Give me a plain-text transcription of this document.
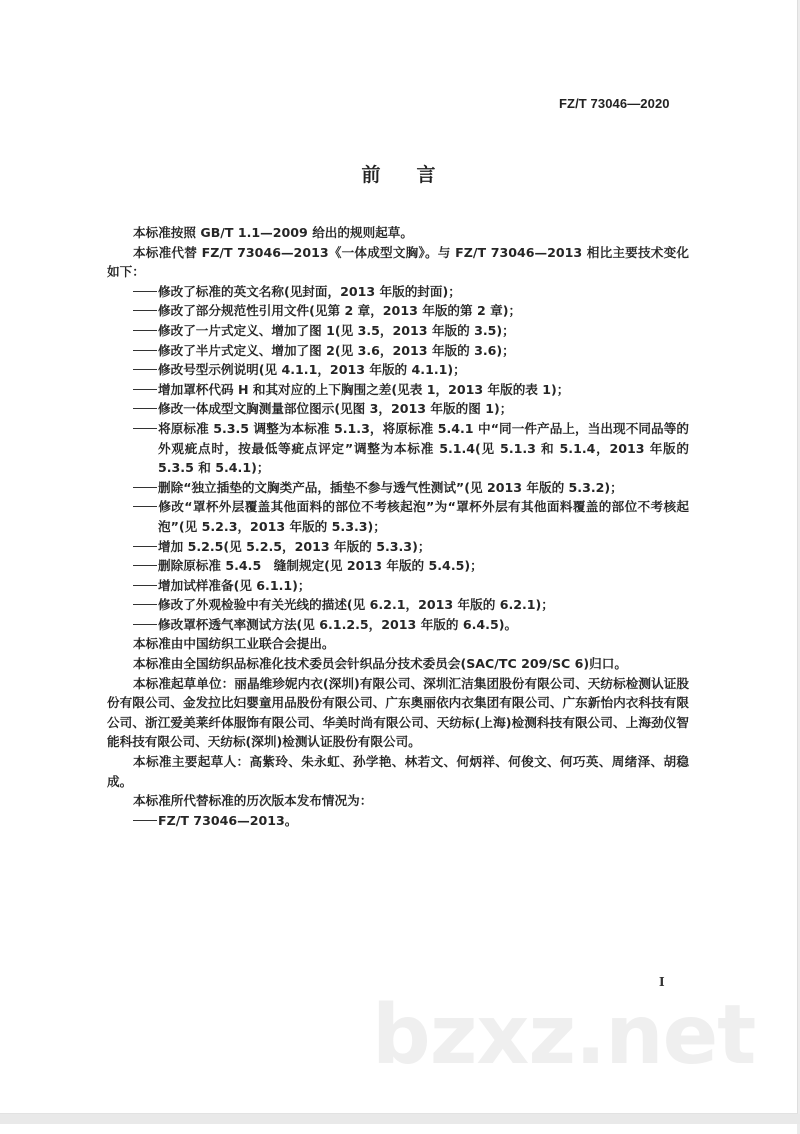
FZ/T 73046—2020
前 言

本标准按照 GB/T 1.1—2009 给出的规则起草。

本标准代替 FZ/T 73046—2013《一体成型文胸》。与 FZ/T 73046—2013 相比主要技术变化如下：

修改了标准的英文名称(见封面，2013 年版的封面)；

修改了部分规范性引用文件(见第 2 章，2013 年版的第 2 章)；

修改了一片式定义、增加了图 1(见 3.5，2013 年版的 3.5)；

修改了半片式定义、增加了图 2(见 3.6，2013 年版的 3.6)；

修改号型示例说明(见 4.1.1，2013 年版的 4.1.1)；

增加罩杯代码 H 和其对应的上下胸围之差(见表 1，2013 年版的表 1)；

修改一体成型文胸测量部位图示(见图 3，2013 年版的图 1)；

将原标准 5.3.5 调整为本标准 5.1.3，将原标准 5.4.1 中“同一件产品上，当出现不同品等的外观疵点时，按最低等疵点评定”调整为本标准 5.1.4(见 5.1.3 和 5.1.4，2013 年版的 5.3.5 和 5.4.1)；

删除“独立插垫的文胸类产品，插垫不参与透气性测试”(见 2013 年版的 5.3.2)；

修改“罩杯外层覆盖其他面料的部位不考核起泡”为“罩杯外层有其他面料覆盖的部位不考核起泡”(见 5.2.3，2013 年版的 5.3.3)；

增加 5.2.5(见 5.2.5，2013 年版的 5.3.3)；

删除原标准 5.4.5　缝制规定(见 2013 年版的 5.4.5)；

增加试样准备(见 6.1.1)；

修改了外观检验中有关光线的描述(见 6.2.1，2013 年版的 6.2.1)；

修改罩杯透气率测试方法(见 6.1.2.5，2013 年版的 6.4.5)。

本标准由中国纺织工业联合会提出。

本标准由全国纺织品标准化技术委员会针织品分技术委员会(SAC/TC 209/SC 6)归口。

本标准起草单位：丽晶维珍妮内衣(深圳)有限公司、深圳汇洁集团股份有限公司、天纺标检测认证股份有限公司、金发拉比妇婴童用品股份有限公司、广东奥丽依内衣集团有限公司、广东新怡内衣科技有限公司、浙江爱美莱纤体服饰有限公司、华美时尚有限公司、天纺标(上海)检测科技有限公司、上海劲仪智能科技有限公司、天纺标(深圳)检测认证股份有限公司。

本标准主要起草人：高紫玲、朱永虹、孙学艳、林若文、何炳祥、何俊文、何巧英、周绪泽、胡稳成。

本标准所代替标准的历次版本发布情况为：

FZ/T 73046—2013。

I
bzxz.net
